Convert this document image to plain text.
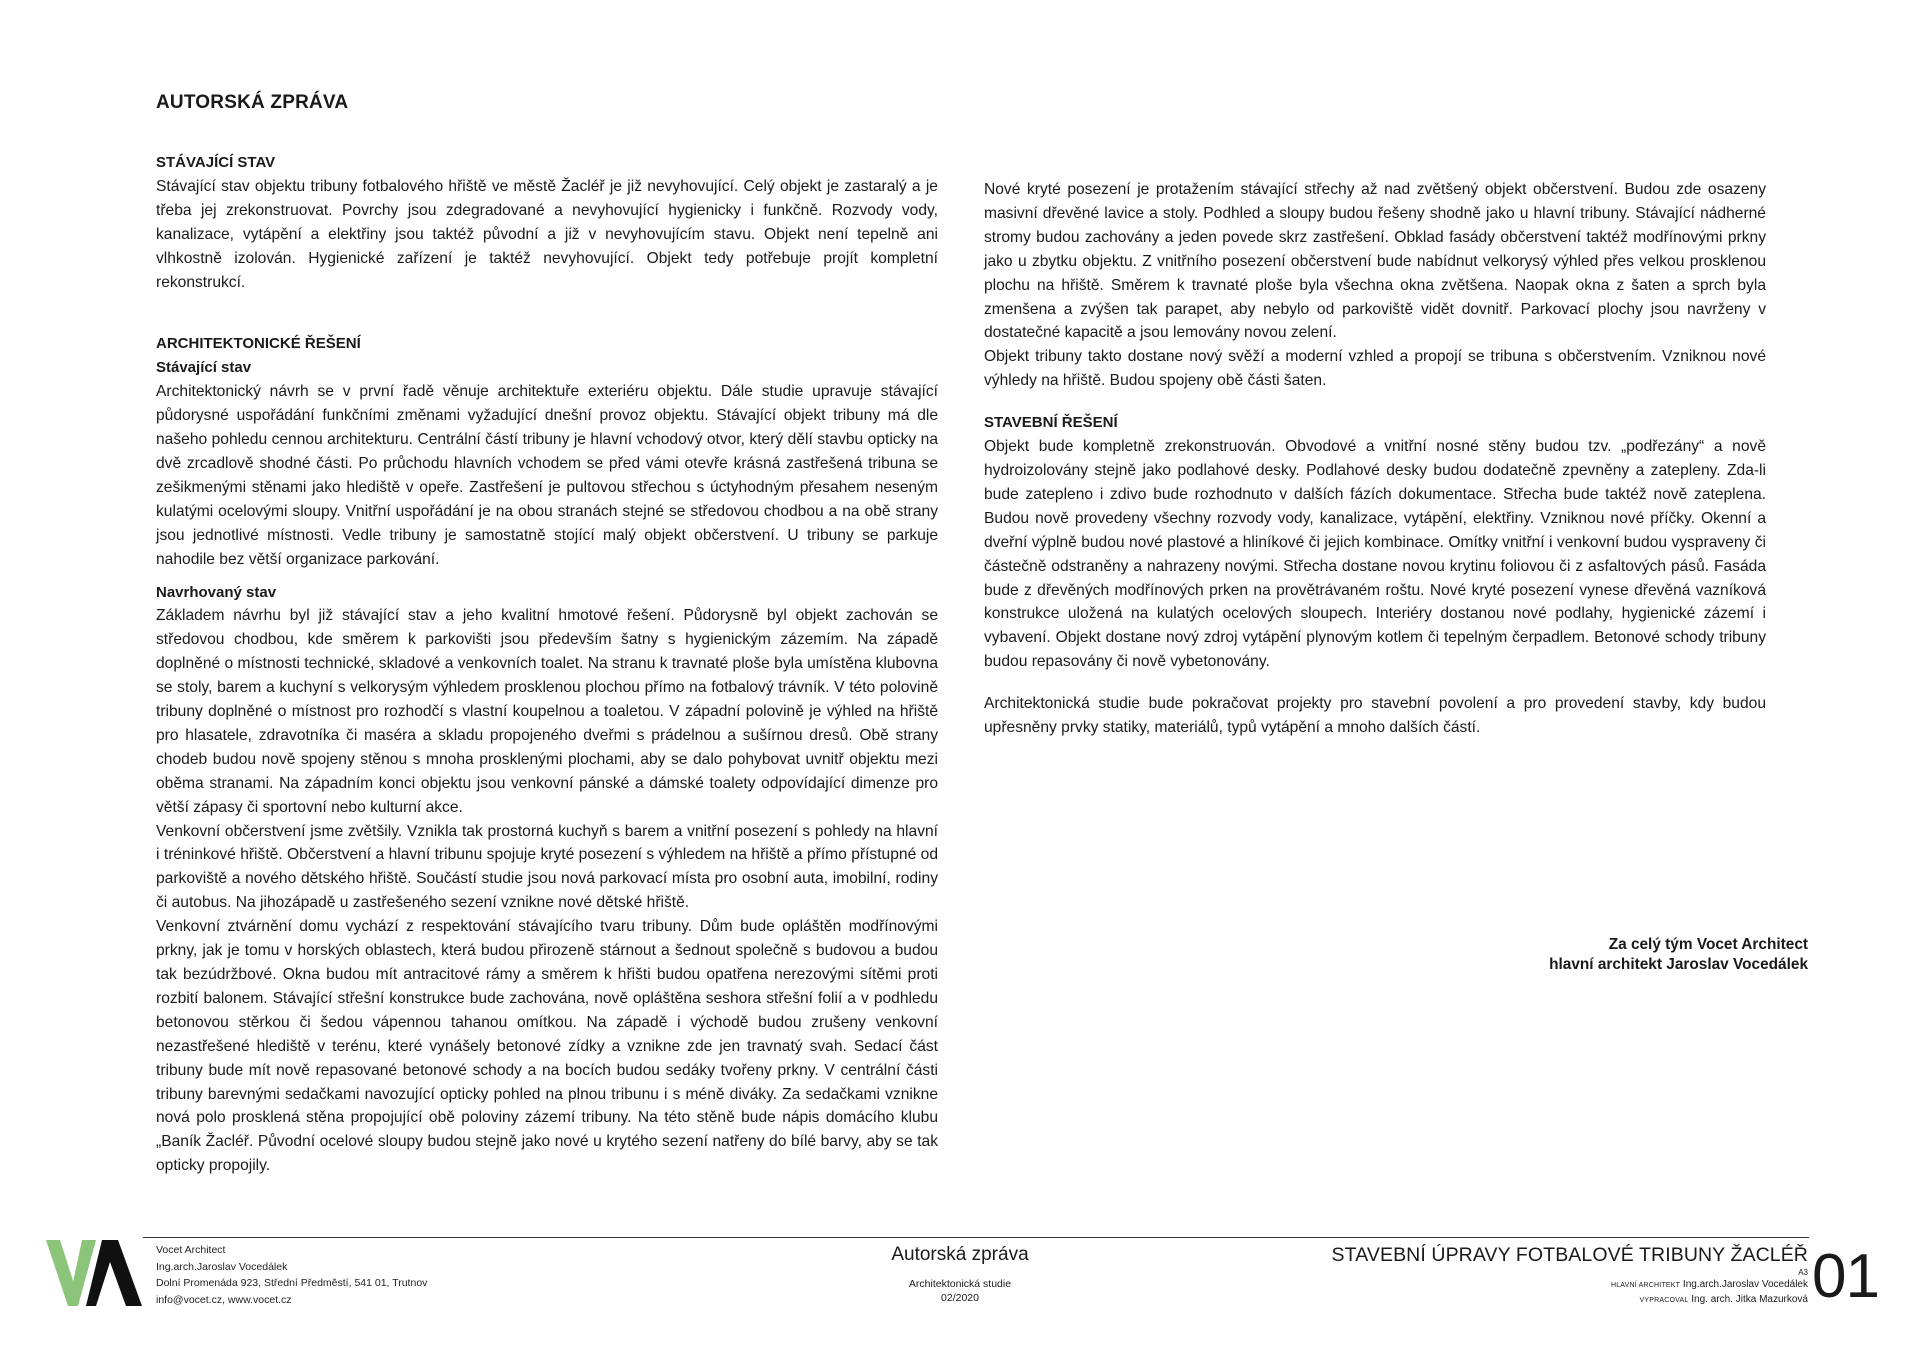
AUTORSKÁ ZPRÁVA
STÁVAJÍCÍ STAV

Stávající stav objektu tribuny fotbalového hřiště ve městě Žacléř je již nevyhovující. Celý objekt je zastaralý a je třeba jej zrekonstruovat. Povrchy jsou zdegradované a nevyhovující hygienicky i funkčně. Rozvody vody, kanalizace, vytápění a elektřiny jsou taktéž původní a již v nevyhovujícím stavu. Objekt není tepelně ani vlhkostně izolován. Hygienické zařízení je taktéž nevyhovující. Objekt tedy potřebuje projít kompletní rekonstrukcí.

ARCHITEKTONICKÉ ŘEŠENÍ
Stávající stav

Architektonický návrh se v první řadě věnuje architektuře exteriéru objektu. Dále studie upravuje stávající půdorysné uspořádání funkčními změnami vyžadující dnešní provoz objektu. Stávající objekt tribuny má dle našeho pohledu cennou architekturu. Centrální částí tribuny je hlavní vchodový otvor, který dělí stavbu opticky na dvě zrcadlově shodné části. Po průchodu hlavních vchodem se před vámi otevře krásná zastřešená tribuna se zešikmenými stěnami jako hlediště v opeře. Zastřešení je pultovou střechou s úctyhodným přesahem neseným kulatými ocelovými sloupy. Vnitřní uspořádání je na obou stranách stejné se středovou chodbou a na obě strany jsou jednotlivé místnosti. Vedle tribuny je samostatně stojící malý objekt občerstvení. U tribuny se parkuje nahodile bez větší organizace parkování.

Navrhovaný stav

Základem návrhu byl již stávající stav a jeho kvalitní hmotové řešení. Půdorysně byl objekt zachován se středovou chodbou, kde směrem k parkovišti jsou především šatny s hygienickým zázemím. Na západě doplněné o místnosti technické, skladové a venkovních toalet. Na stranu k travnaté ploše byla umístěna klubovna se stoly, barem a kuchyní s velkorysým výhledem prosklenou plochou přímo na fotbalový trávník. V této polovině tribuny doplněné o místnost pro rozhodčí s vlastní koupelnou a toaletou. V západní polovině je výhled na hřiště pro hlasatele, zdravotníka či maséra a skladu propojeného dveřmi s prádelnou a sušírnou dresů. Obě strany chodeb budou nově spojeny stěnou s mnoha prosklenými plochami, aby se dalo pohybovat uvnitř objektu mezi oběma stranami. Na západním konci objektu jsou venkovní pánské a dámské toalety odpovídající dimenze pro větší zápasy či sportovní nebo kulturní akce.

Venkovní občerstvení jsme zvětšily. Vznikla tak prostorná kuchyň s barem a vnitřní posezení s pohledy na hlavní i tréninkové hřiště. Občerstvení a hlavní tribunu spojuje kryté posezení s výhledem na hřiště a přímo přístupné od parkoviště a nového dětského hřiště. Součástí studie jsou nová parkovací místa pro osobní auta, imobilní, rodiny či autobus. Na jihozápadě u zastřešeného sezení vznikne nové dětské hřiště.

Venkovní ztvárnění domu vychází z respektování stávajícího tvaru tribuny. Dům bude opláštěn modřínovými prkny, jak je tomu v horských oblastech, která budou přirozeně stárnout a šednout společně s budovou a budou tak bezúdržbové. Okna budou mít antracitové rámy a směrem k hřišti budou opatřena nerezovými sítěmi proti rozbití balonem. Stávající střešní konstrukce bude zachována, nově opláštěna seshora střešní folií a v podhledu betonovou stěrkou či šedou vápennou tahanou omítkou. Na západě i východě budou zrušeny venkovní nezastřešené hlediště v terénu, které vynášely betonové zídky a vznikne zde jen travnatý svah. Sedací část tribuny bude mít nově repasované betonové schody a na bocích budou sedáky tvořeny prkny. V centrální části tribuny barevnými sedačkami navozující opticky pohled na plnou tribunu i s méně diváky. Za sedačkami vznikne nová polo prosklená stěna propojující obě poloviny zázemí tribuny. Na této stěně bude nápis domácího klubu „Baník Žacléř. Původní ocelové sloupy budou stejně jako nové u krytého sezení natřeny do bílé barvy, aby se tak opticky propojily.

Nové kryté posezení je protažením stávající střechy až nad zvětšený objekt občerstvení. Budou zde osazeny masivní dřevěné lavice a stoly. Podhled a sloupy budou řešeny shodně jako u hlavní tribuny. Stávající nádherné stromy budou zachovány a jeden povede skrz zastřešení. Obklad fasády občerstvení taktéž modřínovými prkny jako u zbytku objektu. Z vnitřního posezení občerstvení bude nabídnut velkorysý výhled přes velkou prosklenou plochu na hřiště. Směrem k travnaté ploše byla všechna okna zvětšena. Naopak okna z šaten a sprch byla zmenšena a zvýšen tak parapet, aby nebylo od parkoviště vidět dovnitř. Parkovací plochy jsou navrženy v dostatečné kapacitě a jsou lemovány novou zelení.

Objekt tribuny takto dostane nový svěží a moderní vzhled a propojí se tribuna s občerstvením. Vzniknou nové výhledy na hřiště. Budou spojeny obě části šaten.

STAVEBNÍ ŘEŠENÍ

Objekt bude kompletně zrekonstruován. Obvodové a vnitřní nosné stěny budou tzv. „podřezány“ a nově hydroizolovány stejně jako podlahové desky. Podlahové desky budou dodatečně zpevněny a zatepleny. Zda-li bude zatepleno i zdivo bude rozhodnuto v dalších fázích dokumentace. Střecha bude taktéž nově zateplena. Budou nově provedeny všechny rozvody vody, kanalizace, vytápění, elektřiny. Vzniknou nové příčky. Okenní a dveřní výplně budou nové plastové a hliníkové či jejich kombinace. Omítky vnitřní i venkovní budou vyspraveny či částečně odstraněny a nahrazeny novými. Střecha dostane novou krytinu foliovou či z asfaltových pásů. Fasáda bude z dřevěných modřínových prken na provětrávaném roštu. Nové kryté posezení vynese dřevěná vazníková konstrukce uložená na kulatých ocelových sloupech. Interiéry dostanou nové podlahy, hygienické zázemí i vybavení. Objekt dostane nový zdroj vytápění plynovým kotlem či tepelným čerpadlem. Betonové schody tribuny budou repasovány či nově vybetonovány.

Architektonická studie bude pokračovat projekty pro stavební povolení a pro provedení stavby, kdy budou upřesněny prvky statiky, materiálů, typů vytápění a mnoho dalších částí.

Za celý tým Vocet Architect
hlavní architekt Jaroslav Vocedálek
Vocet Architect
Ing.arch.Jaroslav Vocedálek
Dolní Promenáda 923, Střední Předměstí, 541 01, Trutnov
info@vocet.cz, www.vocet.cz
Autorská zpráva
Architektonická studie
02/2020
STAVEBNÍ ÚPRAVY FOTBALOVÉ TRIBUNY ŽACLÉŘ
A3
HLAVNÍ ARCHITEKT Ing.arch.Jaroslav Vocedálek
VYPRACOVAL Ing. arch. Jitka Mazurková 01
